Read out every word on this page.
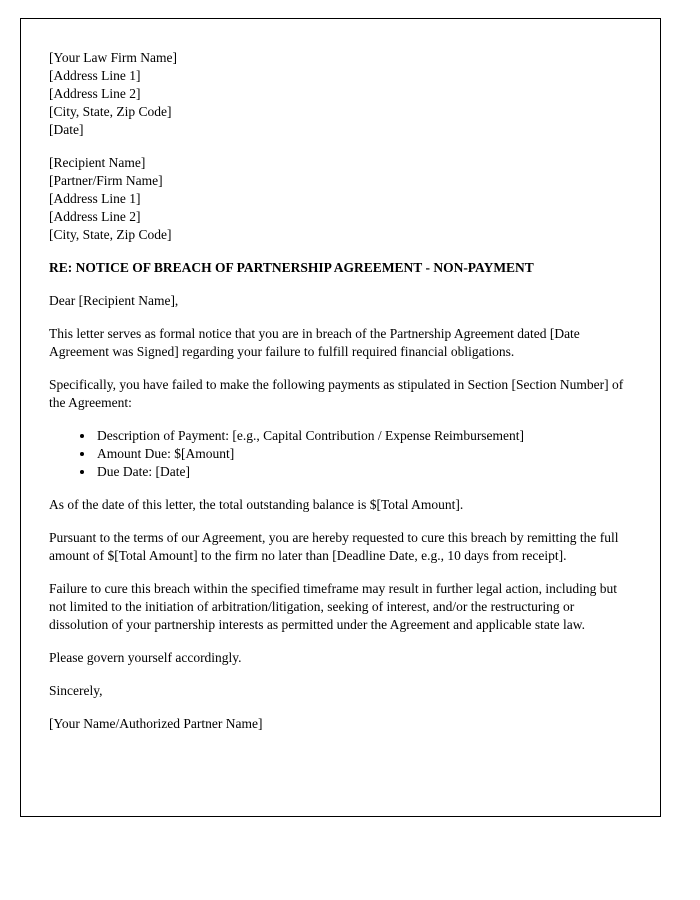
[Your Law Firm Name]
[Address Line 1]
[Address Line 2]
[City, State, Zip Code]
[Date]
[Recipient Name]
[Partner/Firm Name]
[Address Line 1]
[Address Line 2]
[City, State, Zip Code]

RE: NOTICE OF BREACH OF PARTNERSHIP AGREEMENT - NON-PAYMENT

Dear [Recipient Name],

This letter serves as formal notice that you are in breach of the Partnership Agreement dated [Date Agreement was Signed] regarding your failure to fulfill required financial obligations.

Specifically, you have failed to make the following payments as stipulated in Section [Section Number] of the Agreement:

• Description of Payment: [e.g., Capital Contribution / Expense Reimbursement]
• Amount Due: $[Amount]
• Due Date: [Date]

As of the date of this letter, the total outstanding balance is $[Total Amount].

Pursuant to the terms of our Agreement, you are hereby requested to cure this breach by remitting the full amount of $[Total Amount] to the firm no later than [Deadline Date, e.g., 10 days from receipt].

Failure to cure this breach within the specified timeframe may result in further legal action, including but not limited to the initiation of arbitration/litigation, seeking of interest, and/or the restructuring or dissolution of your partnership interests as permitted under the Agreement and applicable state law.

Please govern yourself accordingly.

Sincerely,

[Your Name/Authorized Partner Name]
